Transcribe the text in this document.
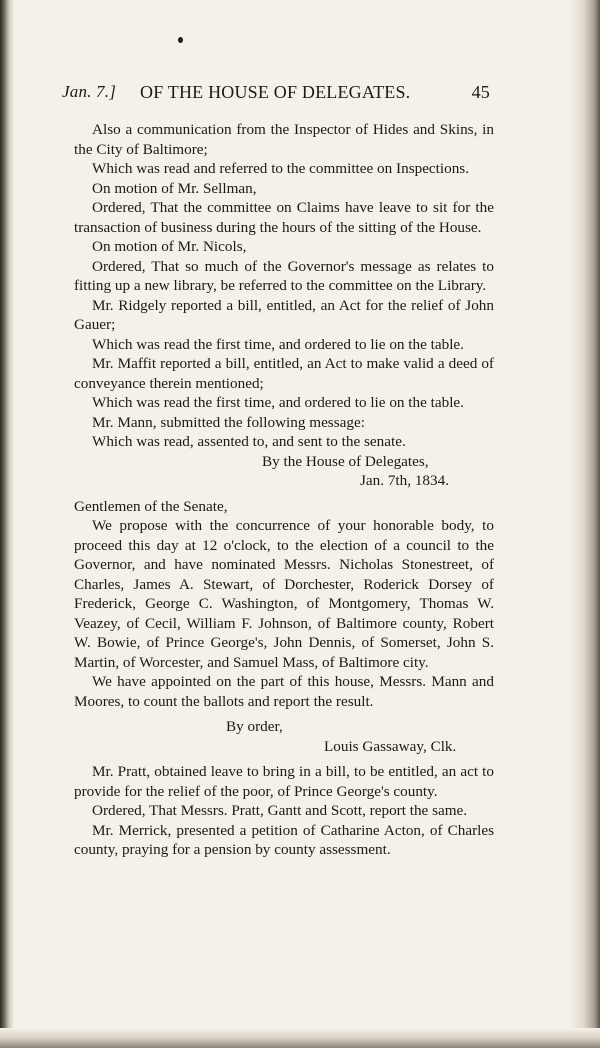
Jan. 7.] OF THE HOUSE OF DELEGATES.	45

Also a communication from the Inspector of Hides and Skins, in the City of Baltimore;

Which was read and referred to the committee on Inspections.

On motion of Mr. Sellman,

Ordered, That the committee on Claims have leave to sit for the transaction of business during the hours of the sitting of the House.

On motion of Mr. Nicols,

Ordered, That so much of the Governor's message as relates to fitting up a new library, be referred to the committee on the Library.

Mr. Ridgely reported a bill, entitled, an Act for the relief of John Gauer;

Which was read the first time, and ordered to lie on the table.

Mr. Maffit reported a bill, entitled, an Act to make valid a deed of conveyance therein mentioned;

Which was read the first time, and ordered to lie on the table.

Mr. Mann, submitted the following message:

Which was read, assented to, and sent to the senate.

By the House of Delegates,

Jan. 7th, 1834.

Gentlemen of the Senate,

We propose with the concurrence of your honorable body, to proceed this day at 12 o'clock, to the election of a council to the Governor, and have nominated Messrs. Nicholas Stonestreet, of Charles, James A. Stewart, of Dorchester, Roderick Dorsey of Frederick, George C. Washington, of Montgomery, Thomas W. Veazey, of Cecil, William F. Johnson, of Baltimore county, Robert W. Bowie, of Prince George's, John Dennis, of Somerset, John S. Martin, of Worcester, and Samuel Mass, of Baltimore city.

We have appointed on the part of this house, Messrs. Mann and Moores, to count the ballots and report the result.

By order,

Louis Gassaway, Clk.

Mr. Pratt, obtained leave to bring in a bill, to be entitled, an act to provide for the relief of the poor, of Prince George's county.

Ordered, That Messrs. Pratt, Gantt and Scott, report the same.

Mr. Merrick, presented a petition of Catharine Acton, of Charles county, praying for a pension by county assessment.
